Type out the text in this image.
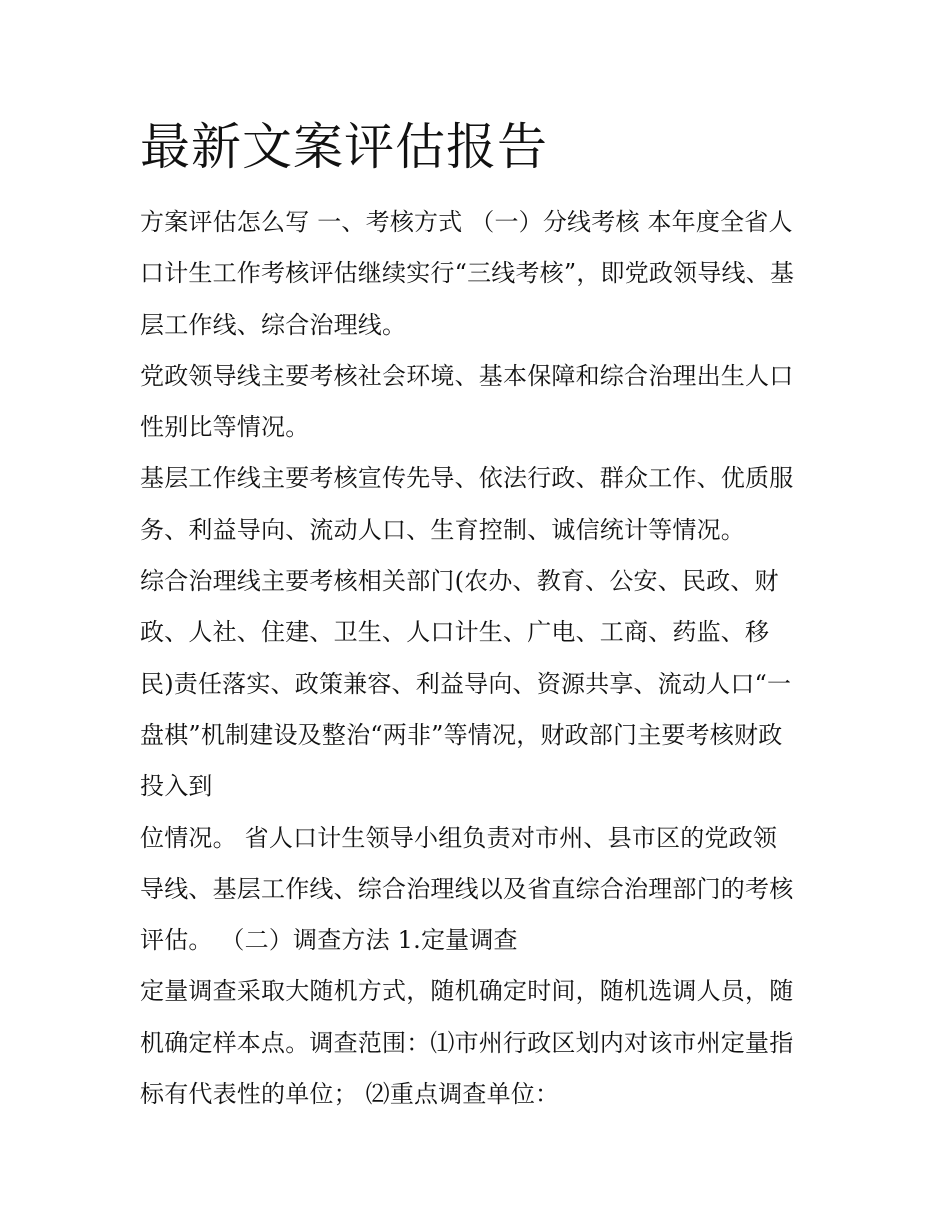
最新文案评估报告
方案评估怎么写 一、考核方式 （一）分线考核 本年度全省人
口计生工作考核评估继续实行“三线考核”，即党政领导线、基
层工作线、综合治理线。
党政领导线主要考核社会环境、基本保障和综合治理出生人口
性别比等情况。
基层工作线主要考核宣传先导、依法行政、群众工作、优质服
务、利益导向、流动人口、生育控制、诚信统计等情况。
综合治理线主要考核相关部门(农办、教育、公安、民政、财
政、人社、住建、卫生、人口计生、广电、工商、药监、移
民)责任落实、政策兼容、利益导向、资源共享、流动人口“一
盘棋”机制建设及整治“两非”等情况，财政部门主要考核财政
投入到
位情况。 省人口计生领导小组负责对市州、县市区的党政领
导线、基层工作线、综合治理线以及省直综合治理部门的考核
评估。 （二）调查方法 1.定量调查
定量调查采取大随机方式，随机确定时间，随机选调人员，随
机确定样本点。调查范围：⑴市州行政区划内对该市州定量指
标有代表性的单位； ⑵重点调查单位：
